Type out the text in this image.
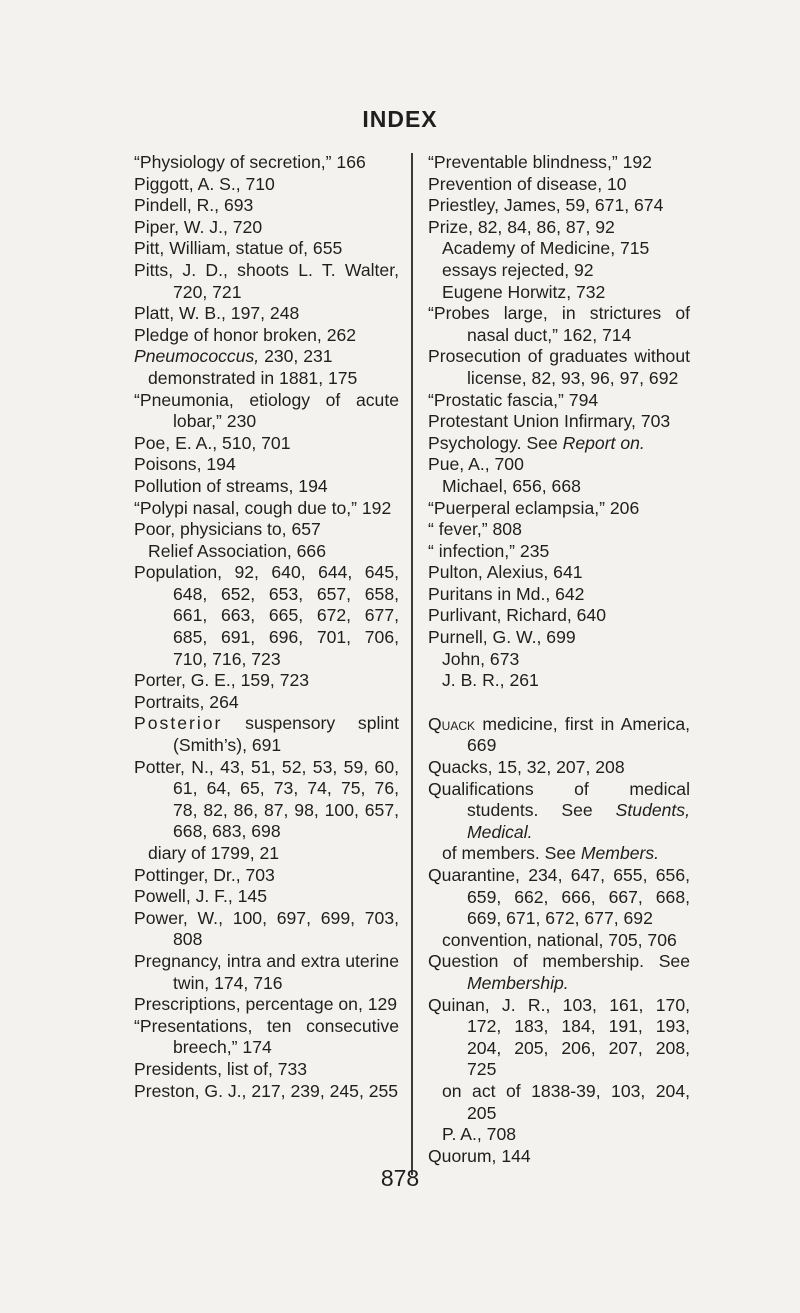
INDEX

“Physiology of secretion,” 166

Piggott, A. S., 710

Pindell, R., 693

Piper, W. J., 720

Pitt, William, statue of, 655

Pitts, J. D., shoots L. T. Walter, 720, 721

Platt, W. B., 197, 248

Pledge of honor broken, 262

Pneumococcus, 230, 231

demonstrated in 1881, 175

“Pneumonia, etiology of acute lobar,” 230

Poe, E. A., 510, 701

Poisons, 194

Pollution of streams, 194

“Polypi nasal, cough due to,” 192

Poor, physicians to, 657

Relief Association, 666

Population, 92, 640, 644, 645, 648, 652, 653, 657, 658, 661, 663, 665, 672, 677, 685, 691, 696, 701, 706, 710, 716, 723

Porter, G. E., 159, 723

Portraits, 264

Posterior suspensory splint (Smith’s), 691

Potter, N., 43, 51, 52, 53, 59, 60, 61, 64, 65, 73, 74, 75, 76, 78, 82, 86, 87, 98, 100, 657, 668, 683, 698

diary of 1799, 21

Pottinger, Dr., 703

Powell, J. F., 145

Power, W., 100, 697, 699, 703, 808

Pregnancy, intra and extra uterine twin, 174, 716

Prescriptions, percentage on, 129

“Presentations, ten consecutive breech,” 174

Presidents, list of, 733

Preston, G. J., 217, 239, 245, 255

“Preventable blindness,” 192

Prevention of disease, 10

Priestley, James, 59, 671, 674

Prize, 82, 84, 86, 87, 92

Academy of Medicine, 715

essays rejected, 92

Eugene Horwitz, 732

“Probes large, in strictures of nasal duct,” 162, 714

Prosecution of graduates without license, 82, 93, 96, 97, 692

“Prostatic fascia,” 794

Protestant Union Infirmary, 703

Psychology. See Report on.

Pue, A., 700

Michael, 656, 668

“Puerperal eclampsia,” 206

“ fever,” 808

“ infection,” 235

Pulton, Alexius, 641

Puritans in Md., 642

Purlivant, Richard, 640

Purnell, G. W., 699

John, 673

J. B. R., 261

Quack medicine, first in America, 669

Quacks, 15, 32, 207, 208

Qualifications of medical students. See Students, Medical.

of members. See Members.

Quarantine, 234, 647, 655, 656, 659, 662, 666, 667, 668, 669, 671, 672, 677, 692

convention, national, 705, 706

Question of membership. See Membership.

Quinan, J. R., 103, 161, 170, 172, 183, 184, 191, 193, 204, 205, 206, 207, 208, 725

on act of 1838-39, 103, 204, 205

P. A., 708

Quorum, 144

878
